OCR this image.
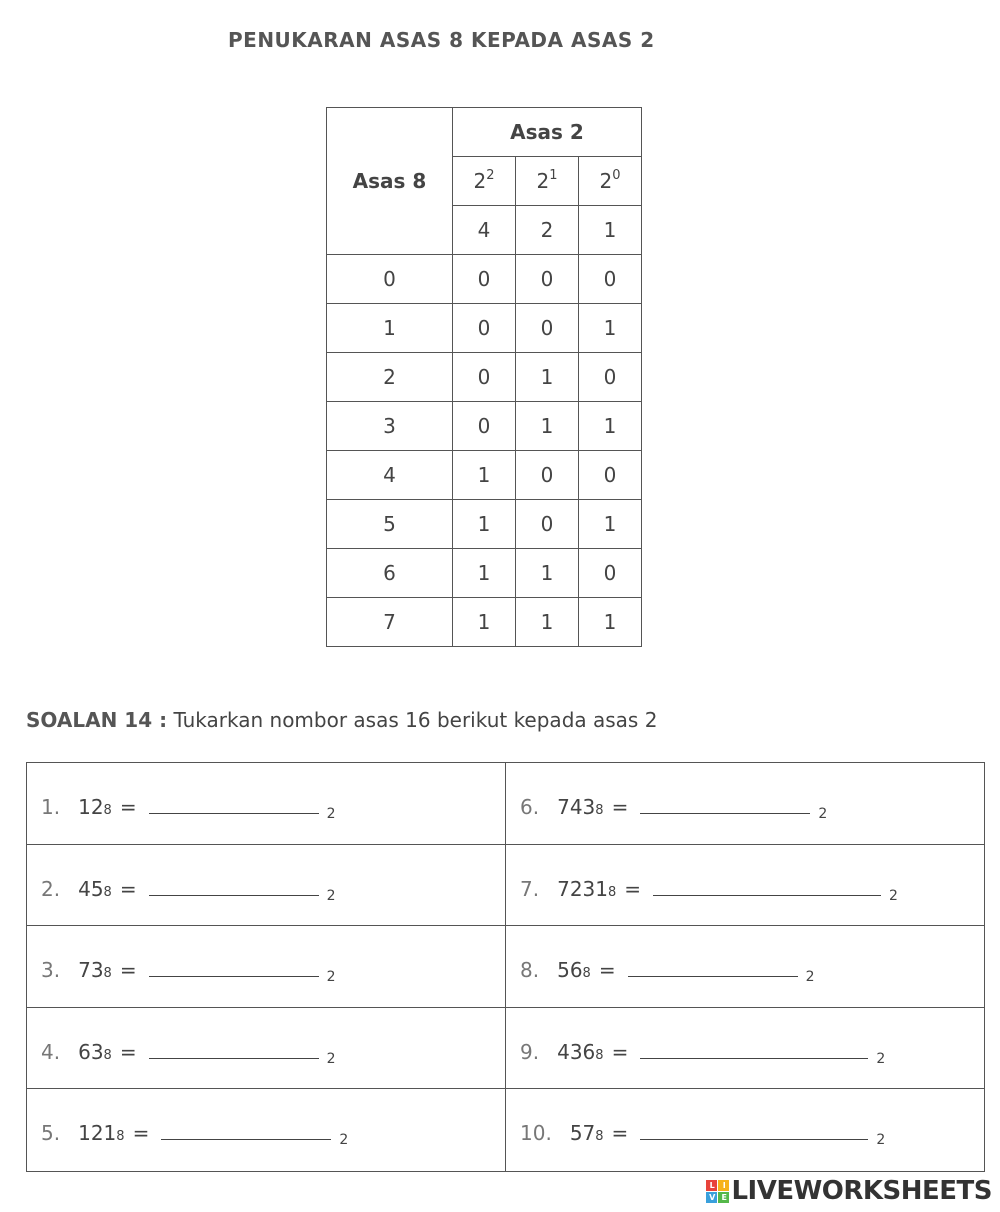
PENUKARAN ASAS 8 KEPADA ASAS 2
Asas 8	Asas 2		
	$2^2$	$2^1$	$2^0$
	4	2	1
0	0	0	0
1	0	0	1
2	0	1	0
3	0	1	1
4	1	0	0
5	1	0	1
6	1	1	0
7	1	1	1
SOALAN 14 : Tukarkan nombor asas 16 berikut kepada asas 2
1. 12 8 =	2	6. 743 8 =	2
2. 45 8 =	2	7. 7231 8 =	2
3. 73 8 =	2	8. 56 8 =	2
4. 63 8 =	2	9. 436 8 =	2
5. 121 8 =	2	10. 57 8 =	2
L	I
V E LIVEWORKSHEETS
